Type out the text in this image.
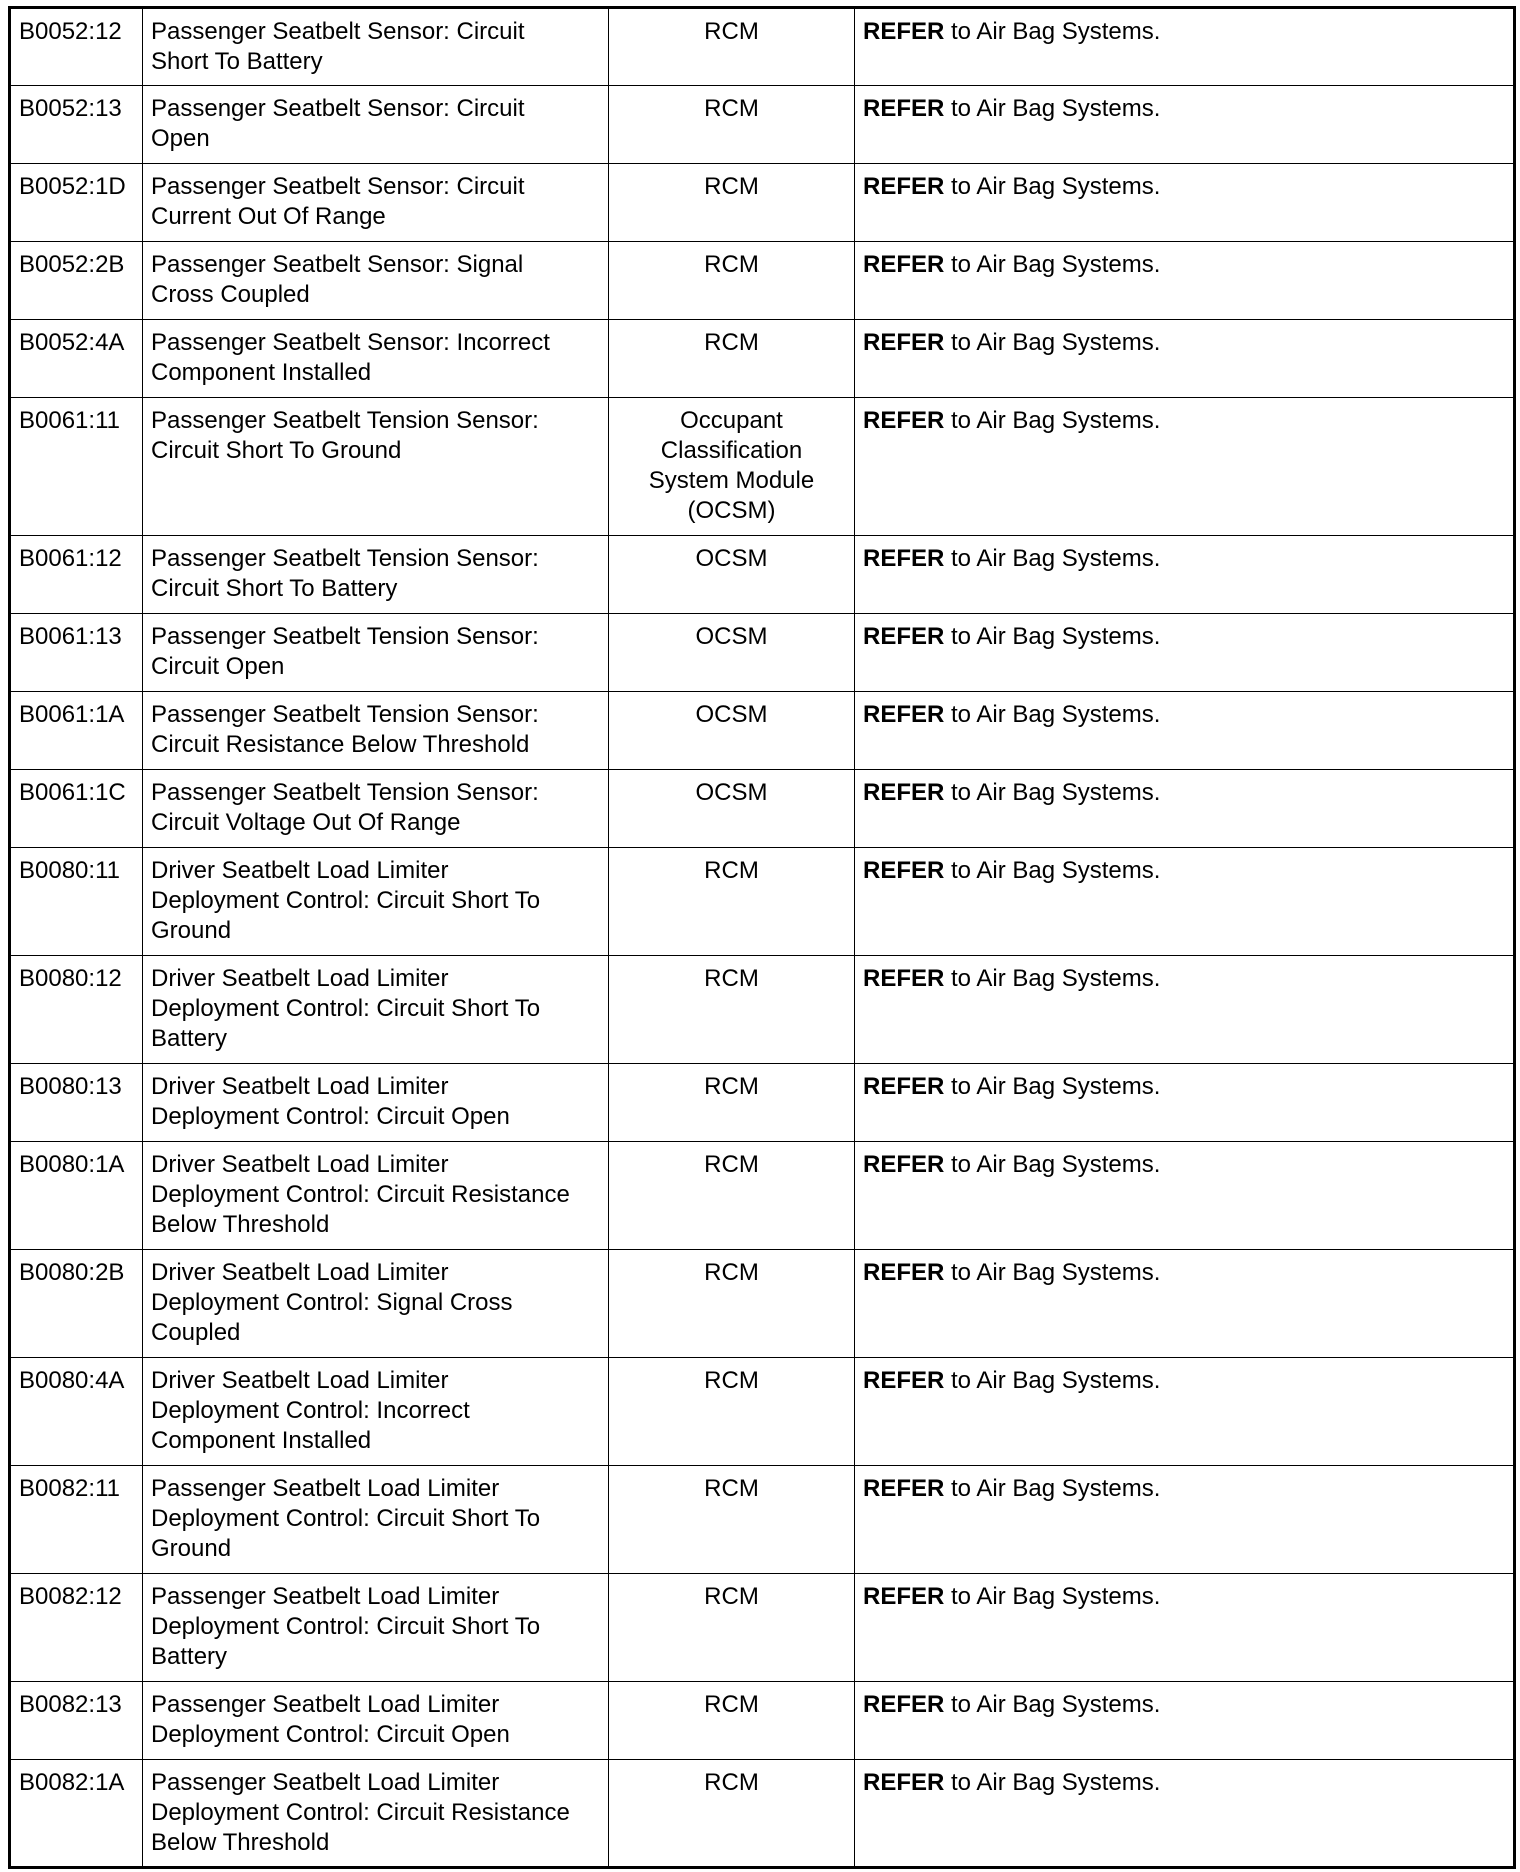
B0052:12	Passenger Seatbelt Sensor: Circuit
Short To Battery	RCM	REFER to Air Bag Systems.
B0052:13	Passenger Seatbelt Sensor: Circuit
Open	RCM	REFER to Air Bag Systems.
B0052:1D	Passenger Seatbelt Sensor: Circuit
Current Out Of Range	RCM	REFER to Air Bag Systems.
B0052:2B	Passenger Seatbelt Sensor: Signal
Cross Coupled	RCM	REFER to Air Bag Systems.
B0052:4A	Passenger Seatbelt Sensor: Incorrect
Component Installed	RCM	REFER to Air Bag Systems.
B0061:11	Passenger Seatbelt Tension Sensor:
Circuit Short To Ground	Occupant
Classification
System Module
(OCSM)	REFER to Air Bag Systems.
B0061:12	Passenger Seatbelt Tension Sensor:
Circuit Short To Battery	OCSM	REFER to Air Bag Systems.
B0061:13	Passenger Seatbelt Tension Sensor:
Circuit Open	OCSM	REFER to Air Bag Systems.
B0061:1A	Passenger Seatbelt Tension Sensor:
Circuit Resistance Below Threshold	OCSM	REFER to Air Bag Systems.
B0061:1C	Passenger Seatbelt Tension Sensor:
Circuit Voltage Out Of Range	OCSM	REFER to Air Bag Systems.
B0080:11	Driver Seatbelt Load Limiter
Deployment Control: Circuit Short To
Ground	RCM	REFER to Air Bag Systems.
B0080:12	Driver Seatbelt Load Limiter
Deployment Control: Circuit Short To
Battery	RCM	REFER to Air Bag Systems.
B0080:13	Driver Seatbelt Load Limiter
Deployment Control: Circuit Open	RCM	REFER to Air Bag Systems.
B0080:1A	Driver Seatbelt Load Limiter
Deployment Control: Circuit Resistance
Below Threshold	RCM	REFER to Air Bag Systems.
B0080:2B	Driver Seatbelt Load Limiter
Deployment Control: Signal Cross
Coupled	RCM	REFER to Air Bag Systems.
B0080:4A	Driver Seatbelt Load Limiter
Deployment Control: Incorrect
Component Installed	RCM	REFER to Air Bag Systems.
B0082:11	Passenger Seatbelt Load Limiter
Deployment Control: Circuit Short To
Ground	RCM	REFER to Air Bag Systems.
B0082:12	Passenger Seatbelt Load Limiter
Deployment Control: Circuit Short To
Battery	RCM	REFER to Air Bag Systems.
B0082:13	Passenger Seatbelt Load Limiter
Deployment Control: Circuit Open	RCM	REFER to Air Bag Systems.
B0082:1A	Passenger Seatbelt Load Limiter
Deployment Control: Circuit Resistance
Below Threshold	RCM	REFER to Air Bag Systems.
